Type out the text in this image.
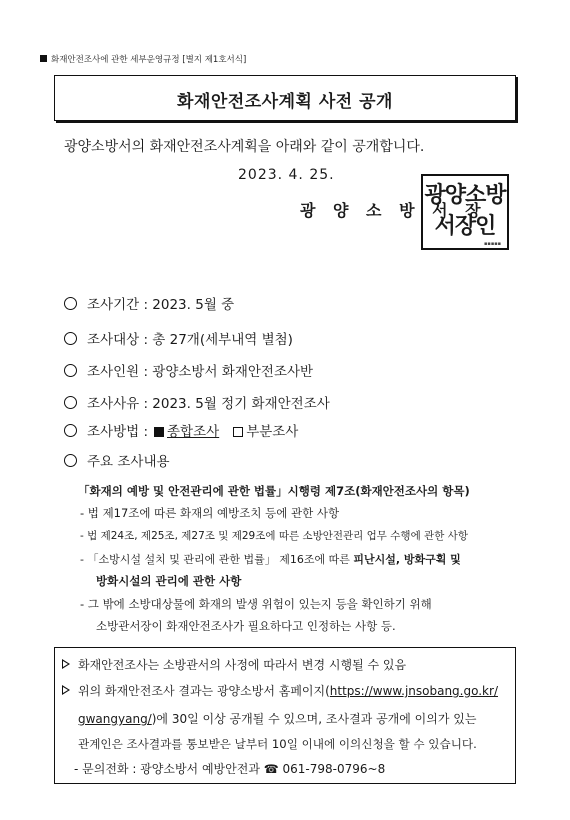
화재안전조사에 관한 세부운영규정 [별지 제1호서식]
화재안전조사계획 사전 공개
광양소방서의 화재안전조사계획을 아래와 같이 공개합니다.
2023. 4. 25.
광 양 소 방 서 장
광양소방
서장인
▪▪▪▪▪
조사기간 : 2023. 5월 중
조사대상 : 총 27개(세부내역 별첨)
조사인원 : 광양소방서 화재안전조사반
조사사유 : 2023. 5월 정기 화재안전조사
조사방법 : 종합조사 부분조사
주요 조사내용
「화재의 예방 및 안전관리에 관한 법률」시행령 제7조(화재안전조사의 항목)
- 법 제17조에 따른 화재의 예방조치 등에 관한 사항
- 법 제24조, 제25조, 제27조 및 제29조에 따른 소방안전관리 업무 수행에 관한 사항
- 「소방시설 설치 및 관리에 관한 법률」 제16조에 따른 피난시설, 방화구획 및
방화시설의 관리에 관한 사항
- 그 밖에 소방대상물에 화재의 발생 위험이 있는지 등을 확인하기 위해
소방관서장이 화재안전조사가 필요하다고 인정하는 사항 등.
화재안전조사는 소방관서의 사정에 따라서 변경 시행될 수 있음
위의 화재안전조사 결과는 광양소방서 홈페이지(https://www.jnsobang.go.kr/
gwangyang/)에 30일 이상 공개될 수 있으며, 조사결과 공개에 이의가 있는
관계인은 조사결과를 통보받은 날부터 10일 이내에 이의신청을 할 수 있습니다.
- 문의전화 : 광양소방서 예방안전과 ☎ 061-798-0796~8
